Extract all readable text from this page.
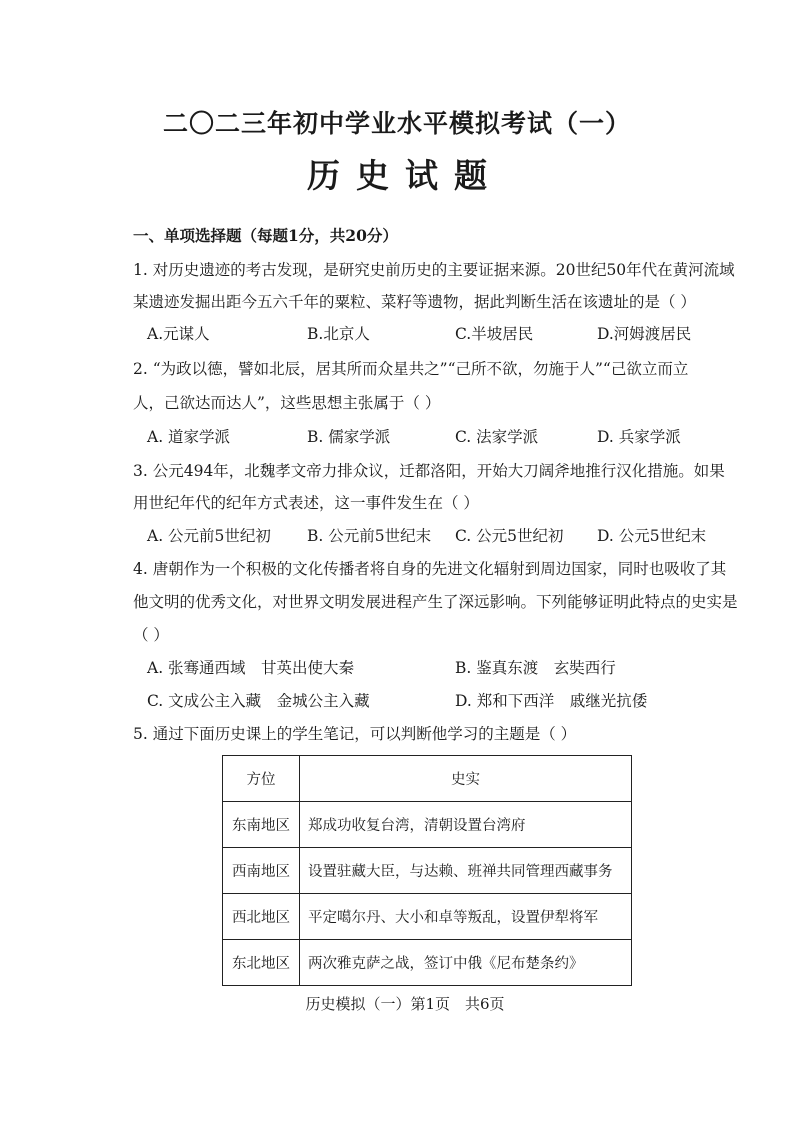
二〇二三年初中学业水平模拟考试（一）
历史试题
一、单项选择题（每题1分，共20分）
1. 对历史遗迹的考古发现，是研究史前历史的主要证据来源。20世纪50年代在黄河流域
某遗迹发掘出距今五六千年的粟粒、菜籽等遗物，据此判断生活在该遗址的是（ ）
A.元谋人	B.北京人	C.半坡居民	D.河姆渡居民
2. “为政以德，譬如北辰，居其所而众星共之”“己所不欲，勿施于人”“己欲立而立
人，己欲达而达人”，这些思想主张属于（ ）
A. 道家学派	B. 儒家学派	C. 法家学派	D. 兵家学派
3. 公元494年，北魏孝文帝力排众议，迁都洛阳，开始大刀阔斧地推行汉化措施。如果
用世纪年代的纪年方式表述，这一事件发生在（ ）
A. 公元前5世纪初 B. 公元前5世纪末 C. 公元5世纪初 D. 公元5世纪末
4. 唐朝作为一个积极的文化传播者将自身的先进文化辐射到周边国家，同时也吸收了其
他文明的优秀文化，对世界文明发展进程产生了深远影响。下列能够证明此特点的史实是
（ ）
A. 张骞通西域　甘英出使大秦	B. 鉴真东渡　玄奘西行
C. 文成公主入藏　金城公主入藏	D. 郑和下西洋　戚继光抗倭
5. 通过下面历史课上的学生笔记，可以判断他学习的主题是（ ）
方位	史实
东南地区	郑成功收复台湾，清朝设置台湾府
西南地区	设置驻藏大臣，与达赖、班禅共同管理西藏事务
西北地区	平定噶尔丹、大小和卓等叛乱，设置伊犁将军
东北地区	两次雅克萨之战，签订中俄《尼布楚条约》
历史模拟（一）第1页　共6页
